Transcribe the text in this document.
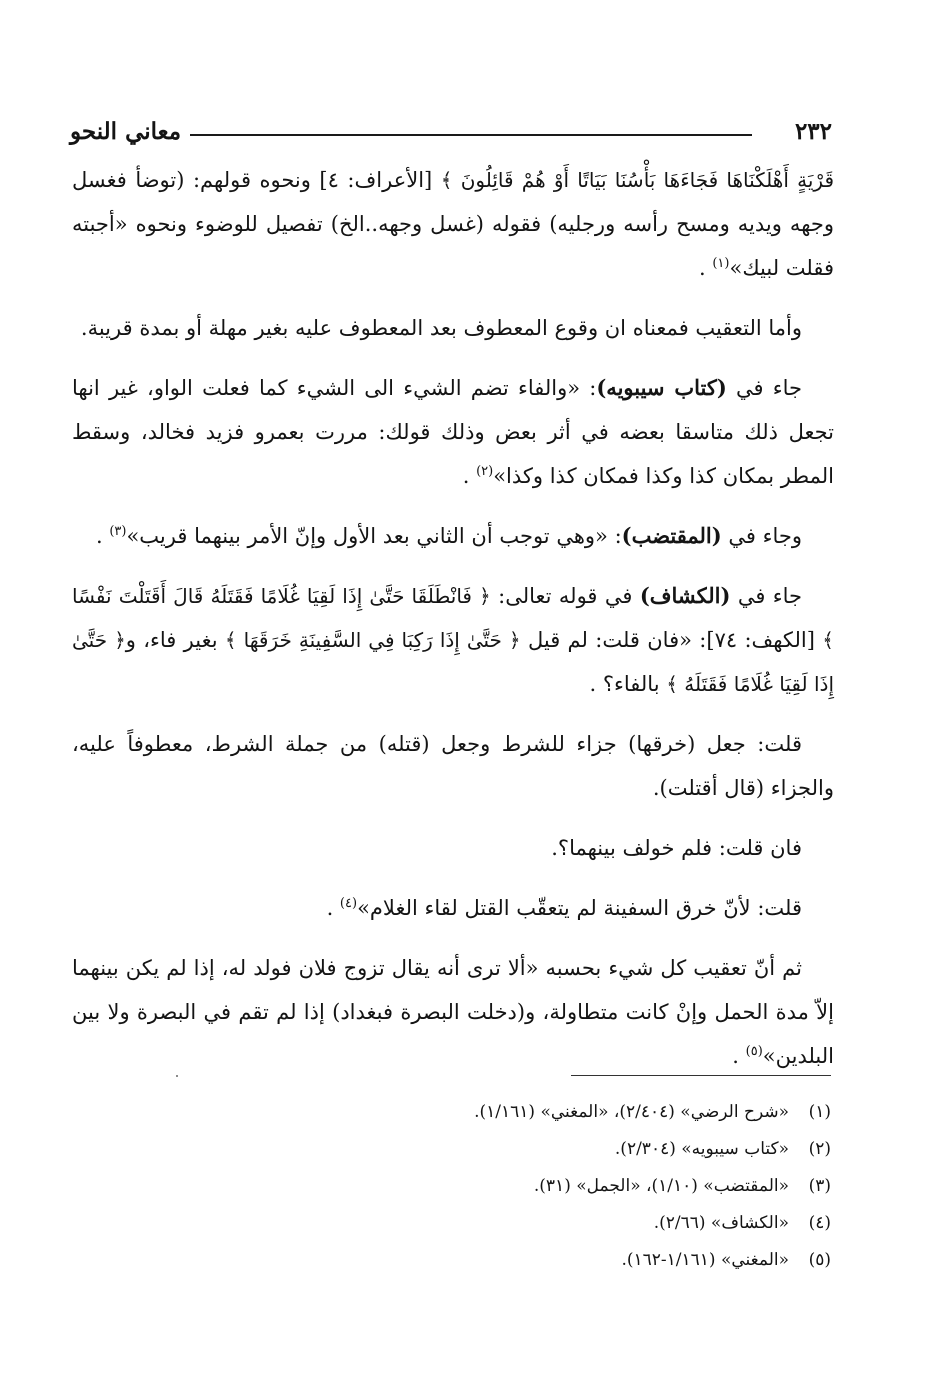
معاني النحو	٢٣٢

قَرْيَةٍ أَهْلَكْنَاهَا فَجَاءَهَا بَأْسُنَا بَيَاتًا أَوْ هُمْ قَائِلُونَ ﴾ [الأعراف: ٤] ونحوه قولهم: (توضأ فغسل وجهه ويديه ومسح رأسه ورجليه) فقوله (غسل وجهه..الخ) تفصيل للوضوء ونحوه «أجبته فقلت لبيك»$^{(١)}$ .

وأما التعقيب فمعناه ان وقوع المعطوف بعد المعطوف عليه بغير مهلة أو بمدة قريبة.

جاء في (كتاب سيبويه): «والفاء تضم الشيء الى الشيء كما فعلت الواو، غير انها تجعل ذلك متاسقا بعضه في أثر بعض وذلك قولك: مررت بعمرو فزيد فخالد، وسقط المطر بمكان كذا وكذا فمكان كذا وكذا»$^{(٢)}$ .

وجاء في (المقتضب): «وهي توجب أن الثاني بعد الأول وإنّ الأمر بينهما قريب»$^{(٣)}$ .

جاء في (الكشاف) في قوله تعالى: ﴿ فَانْطَلَقَا حَتَّىٰ إِذَا لَقِيَا غُلَامًا فَقَتَلَهُ قَالَ أَقَتَلْتَ نَفْسًا ﴾ [الكهف: ٧٤]: «فان قلت: لم قيل ﴿ حَتَّىٰ إِذَا رَكِبَا فِي السَّفِينَةِ خَرَقَهَا ﴾ بغير فاء، و﴿ حَتَّىٰ إِذَا لَقِيَا غُلَامًا فَقَتَلَهُ ﴾ بالفاء؟ .

قلت: جعل (خرقها) جزاء للشرط وجعل (قتله) من جملة الشرط، معطوفاً عليه، والجزاء (قال أقتلت).

فان قلت: فلم خولف بينهما؟.

قلت: لأنّ خرق السفينة لم يتعقّب القتل لقاء الغلام»$^{(٤)}$ .

ثم أنّ تعقيب كل شيء بحسبه «ألا ترى أنه يقال تزوج فلان فولد له، إذا لم يكن بينهما إلاّ مدة الحمل وإنْ كانت متطاولة، و(دخلت البصرة فبغداد) إذا لم تقم في البصرة ولا بين البلدين»$^{(٥)}$ .

(١)
«شرح الرضي» (٢/٤٠٤)، «المغني» (١/١٦١).
(٢)
«كتاب سيبويه» (٢/٣٠٤).
(٣)
«المقتضب» (١/١٠)، «الجمل» (٣١).
(٤)
«الكشاف» (٢/٦٦).
(٥)
«المغني» (١/١٦١-١٦٢).
